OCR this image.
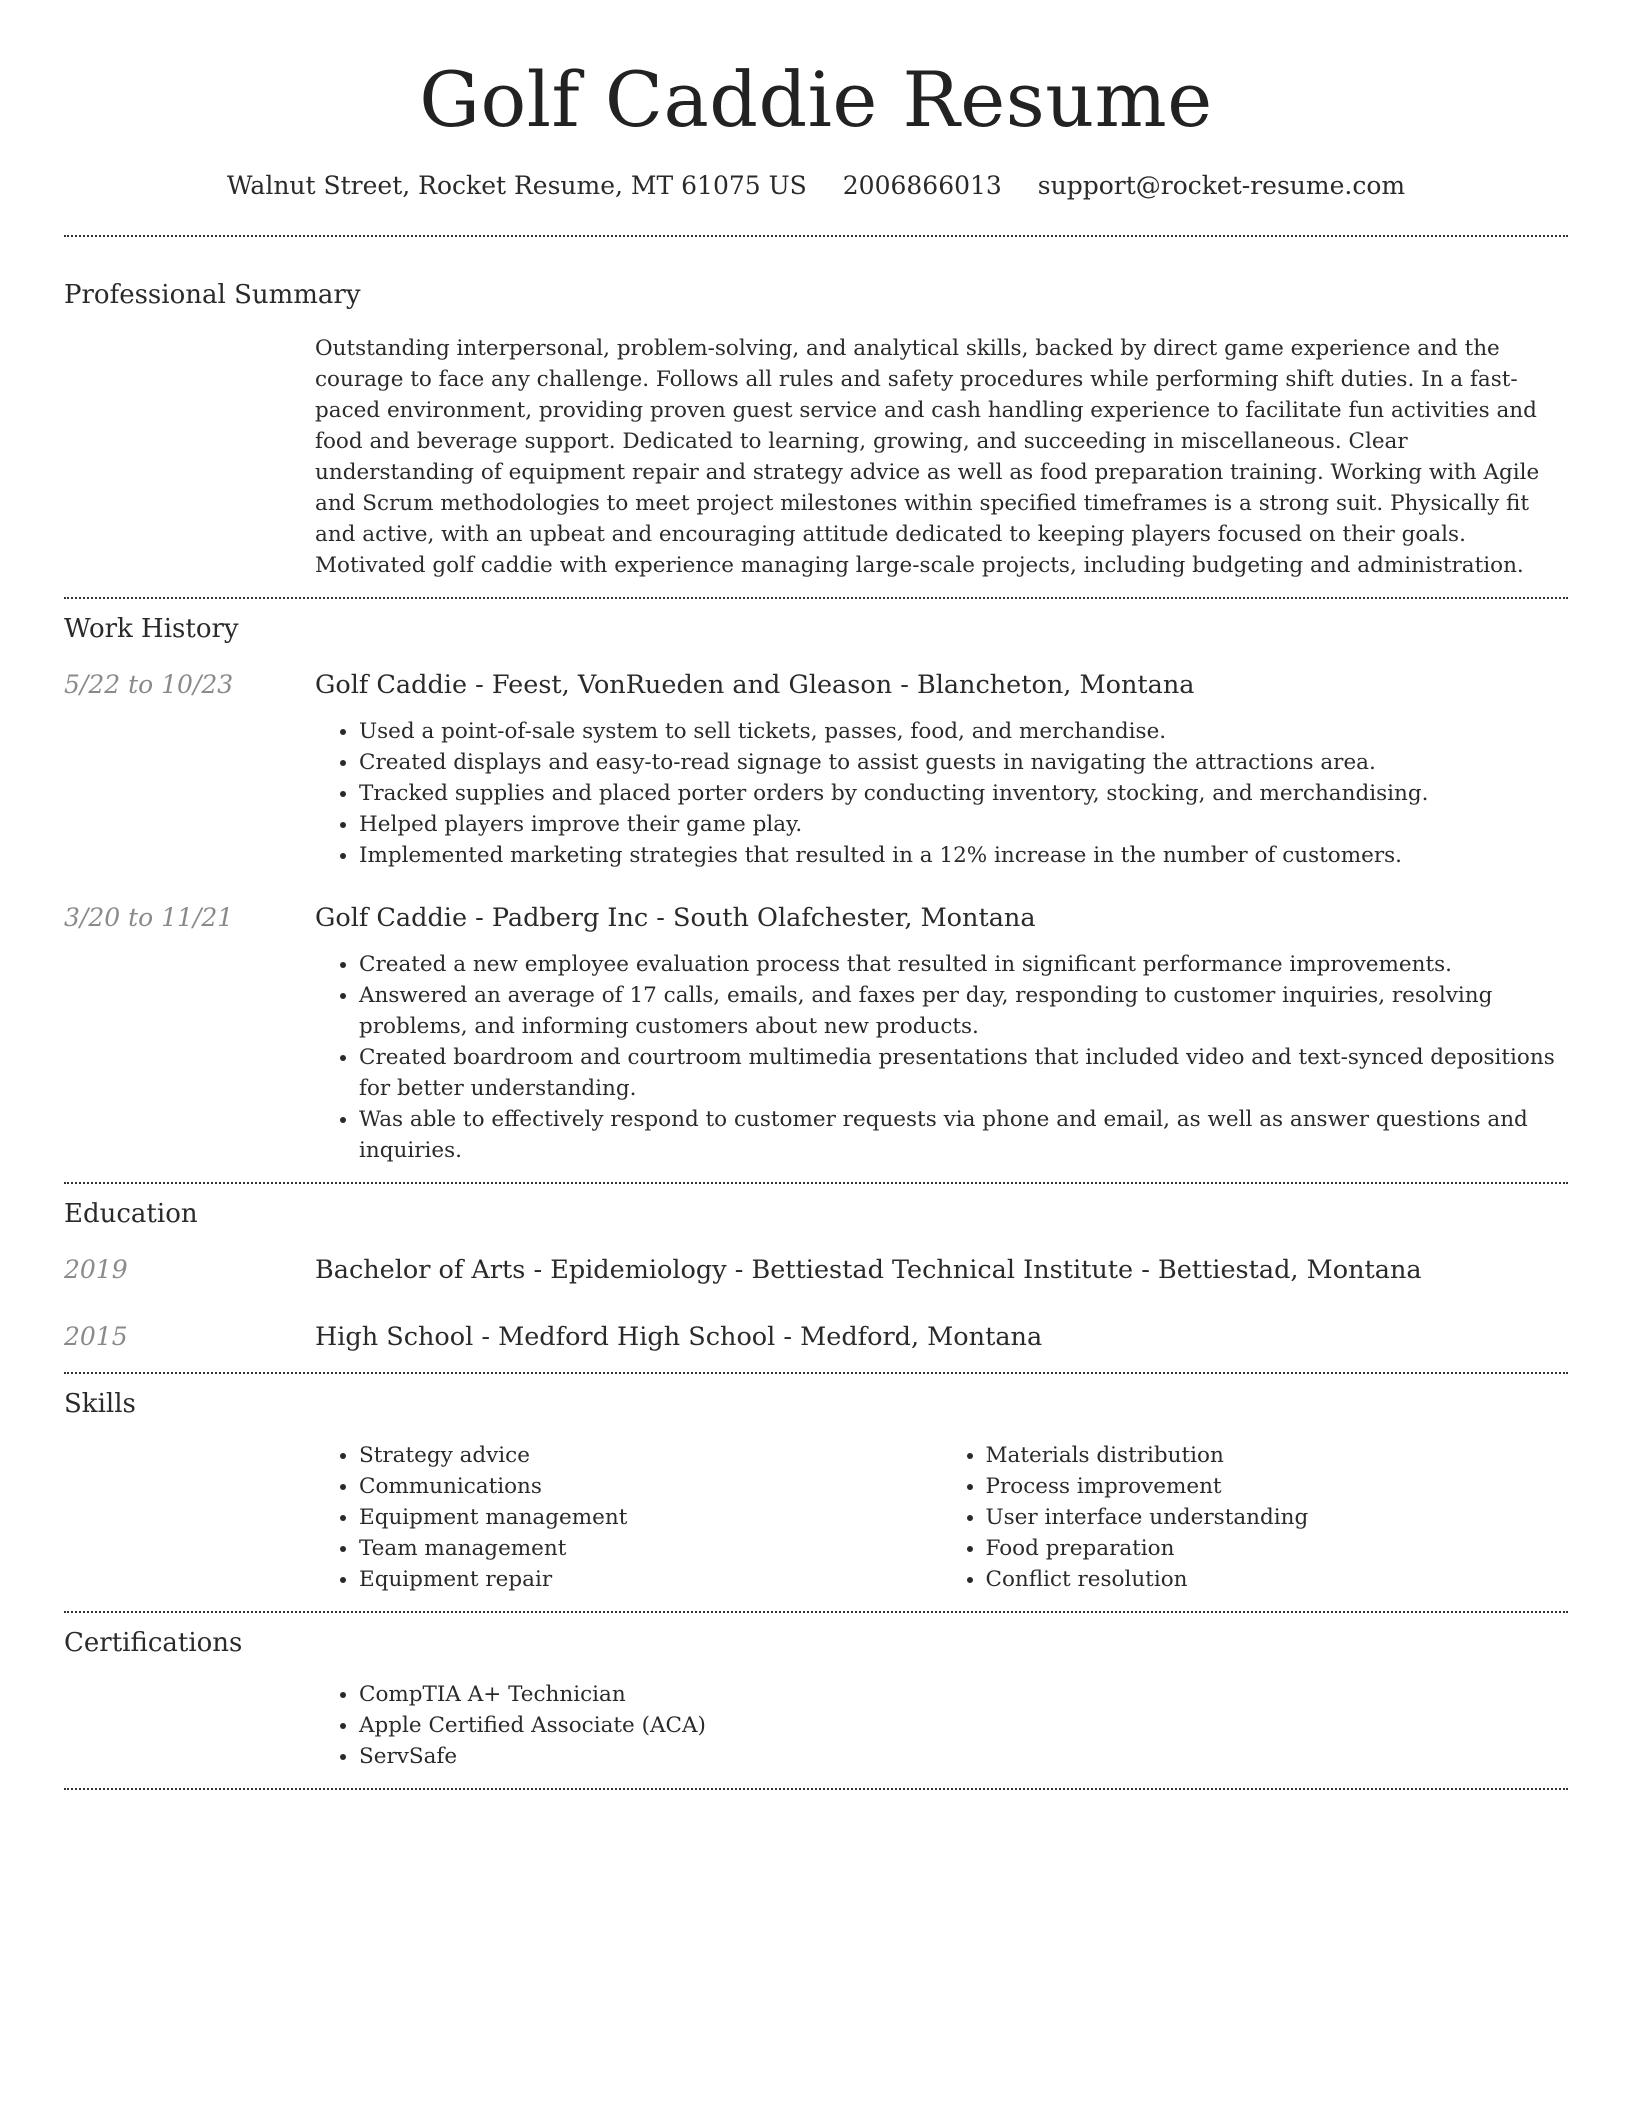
Golf Caddie Resume
Walnut Street, Rocket Resume, MT 61075 US 2006866013 support@rocket-resume.com
Professional Summary

Outstanding interpersonal, problem-solving, and analytical skills, backed by direct game experience and the courage to face any challenge. Follows all rules and safety procedures while performing shift duties. In a fast-paced environment, providing proven guest service and cash handling experience to facilitate fun activities and food and beverage support. Dedicated to learning, growing, and succeeding in miscellaneous. Clear understanding of equipment repair and strategy advice as well as food preparation training. Working with Agile and Scrum methodologies to meet project milestones within specified timeframes is a strong suit. Physically fit and active, with an upbeat and encouraging attitude dedicated to keeping players focused on their goals. Motivated golf caddie with experience managing large-scale projects, including budgeting and administration.

Work History
5/22 to 10/23	Golf Caddie - Feest, VonRueden and Gleason - Blancheton, Montana
• Used a point-of-sale system to sell tickets, passes, food, and merchandise.
• Created displays and easy-to-read signage to assist guests in navigating the attractions area.
• Tracked supplies and placed porter orders by conducting inventory, stocking, and merchandising.
• Helped players improve their game play.
• Implemented marketing strategies that resulted in a 12% increase in the number of customers.
3/20 to 11/21	Golf Caddie - Padberg Inc - South Olafchester, Montana
• Created a new employee evaluation process that resulted in significant performance improvements.
• Answered an average of 17 calls, emails, and faxes per day, responding to customer inquiries, resolving problems, and informing customers about new products.
• Created boardroom and courtroom multimedia presentations that included video and text-synced depositions for better understanding.
• Was able to effectively respond to customer requests via phone and email, as well as answer questions and inquiries.
Education
2019	Bachelor of Arts - Epidemiology - Bettiestad Technical Institute - Bettiestad, Montana
2015	High School - Medford High School - Medford, Montana
Skills
• Strategy advice
• Communications
• Equipment management
• Team management
• Equipment repair
• Materials distribution
• Process improvement
• User interface understanding
• Food preparation
• Conflict resolution
Certifications
• CompTIA A+ Technician
• Apple Certified Associate (ACA)
• ServSafe
